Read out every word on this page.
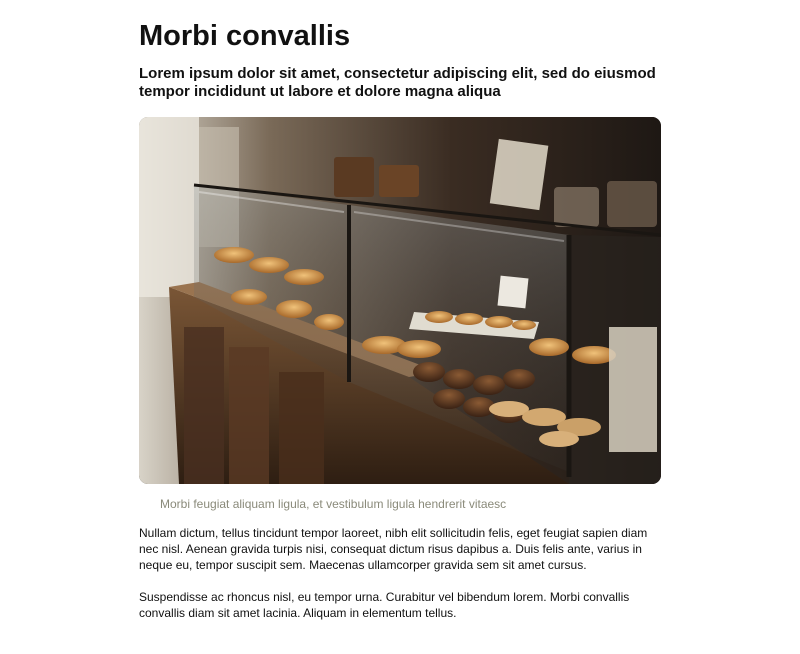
Morbi convallis
Lorem ipsum dolor sit amet, consectetur adipiscing elit, sed do eiusmod tempor incididunt ut labore et dolore magna aliqua
Morbi feugiat aliquam ligula, et vestibulum ligula hendrerit vitaesc

Nullam dictum, tellus tincidunt tempor laoreet, nibh elit sollicitudin felis, eget feugiat sapien diam nec nisl. Aenean gravida turpis nisi, consequat dictum risus dapibus a. Duis felis ante, varius in neque eu, tempor suscipit sem. Maecenas ullamcorper gravida sem sit amet cursus.

Suspendisse ac rhoncus nisl, eu tempor urna. Curabitur vel bibendum lorem. Morbi convallis convallis diam sit amet lacinia. Aliquam in elementum tellus.
